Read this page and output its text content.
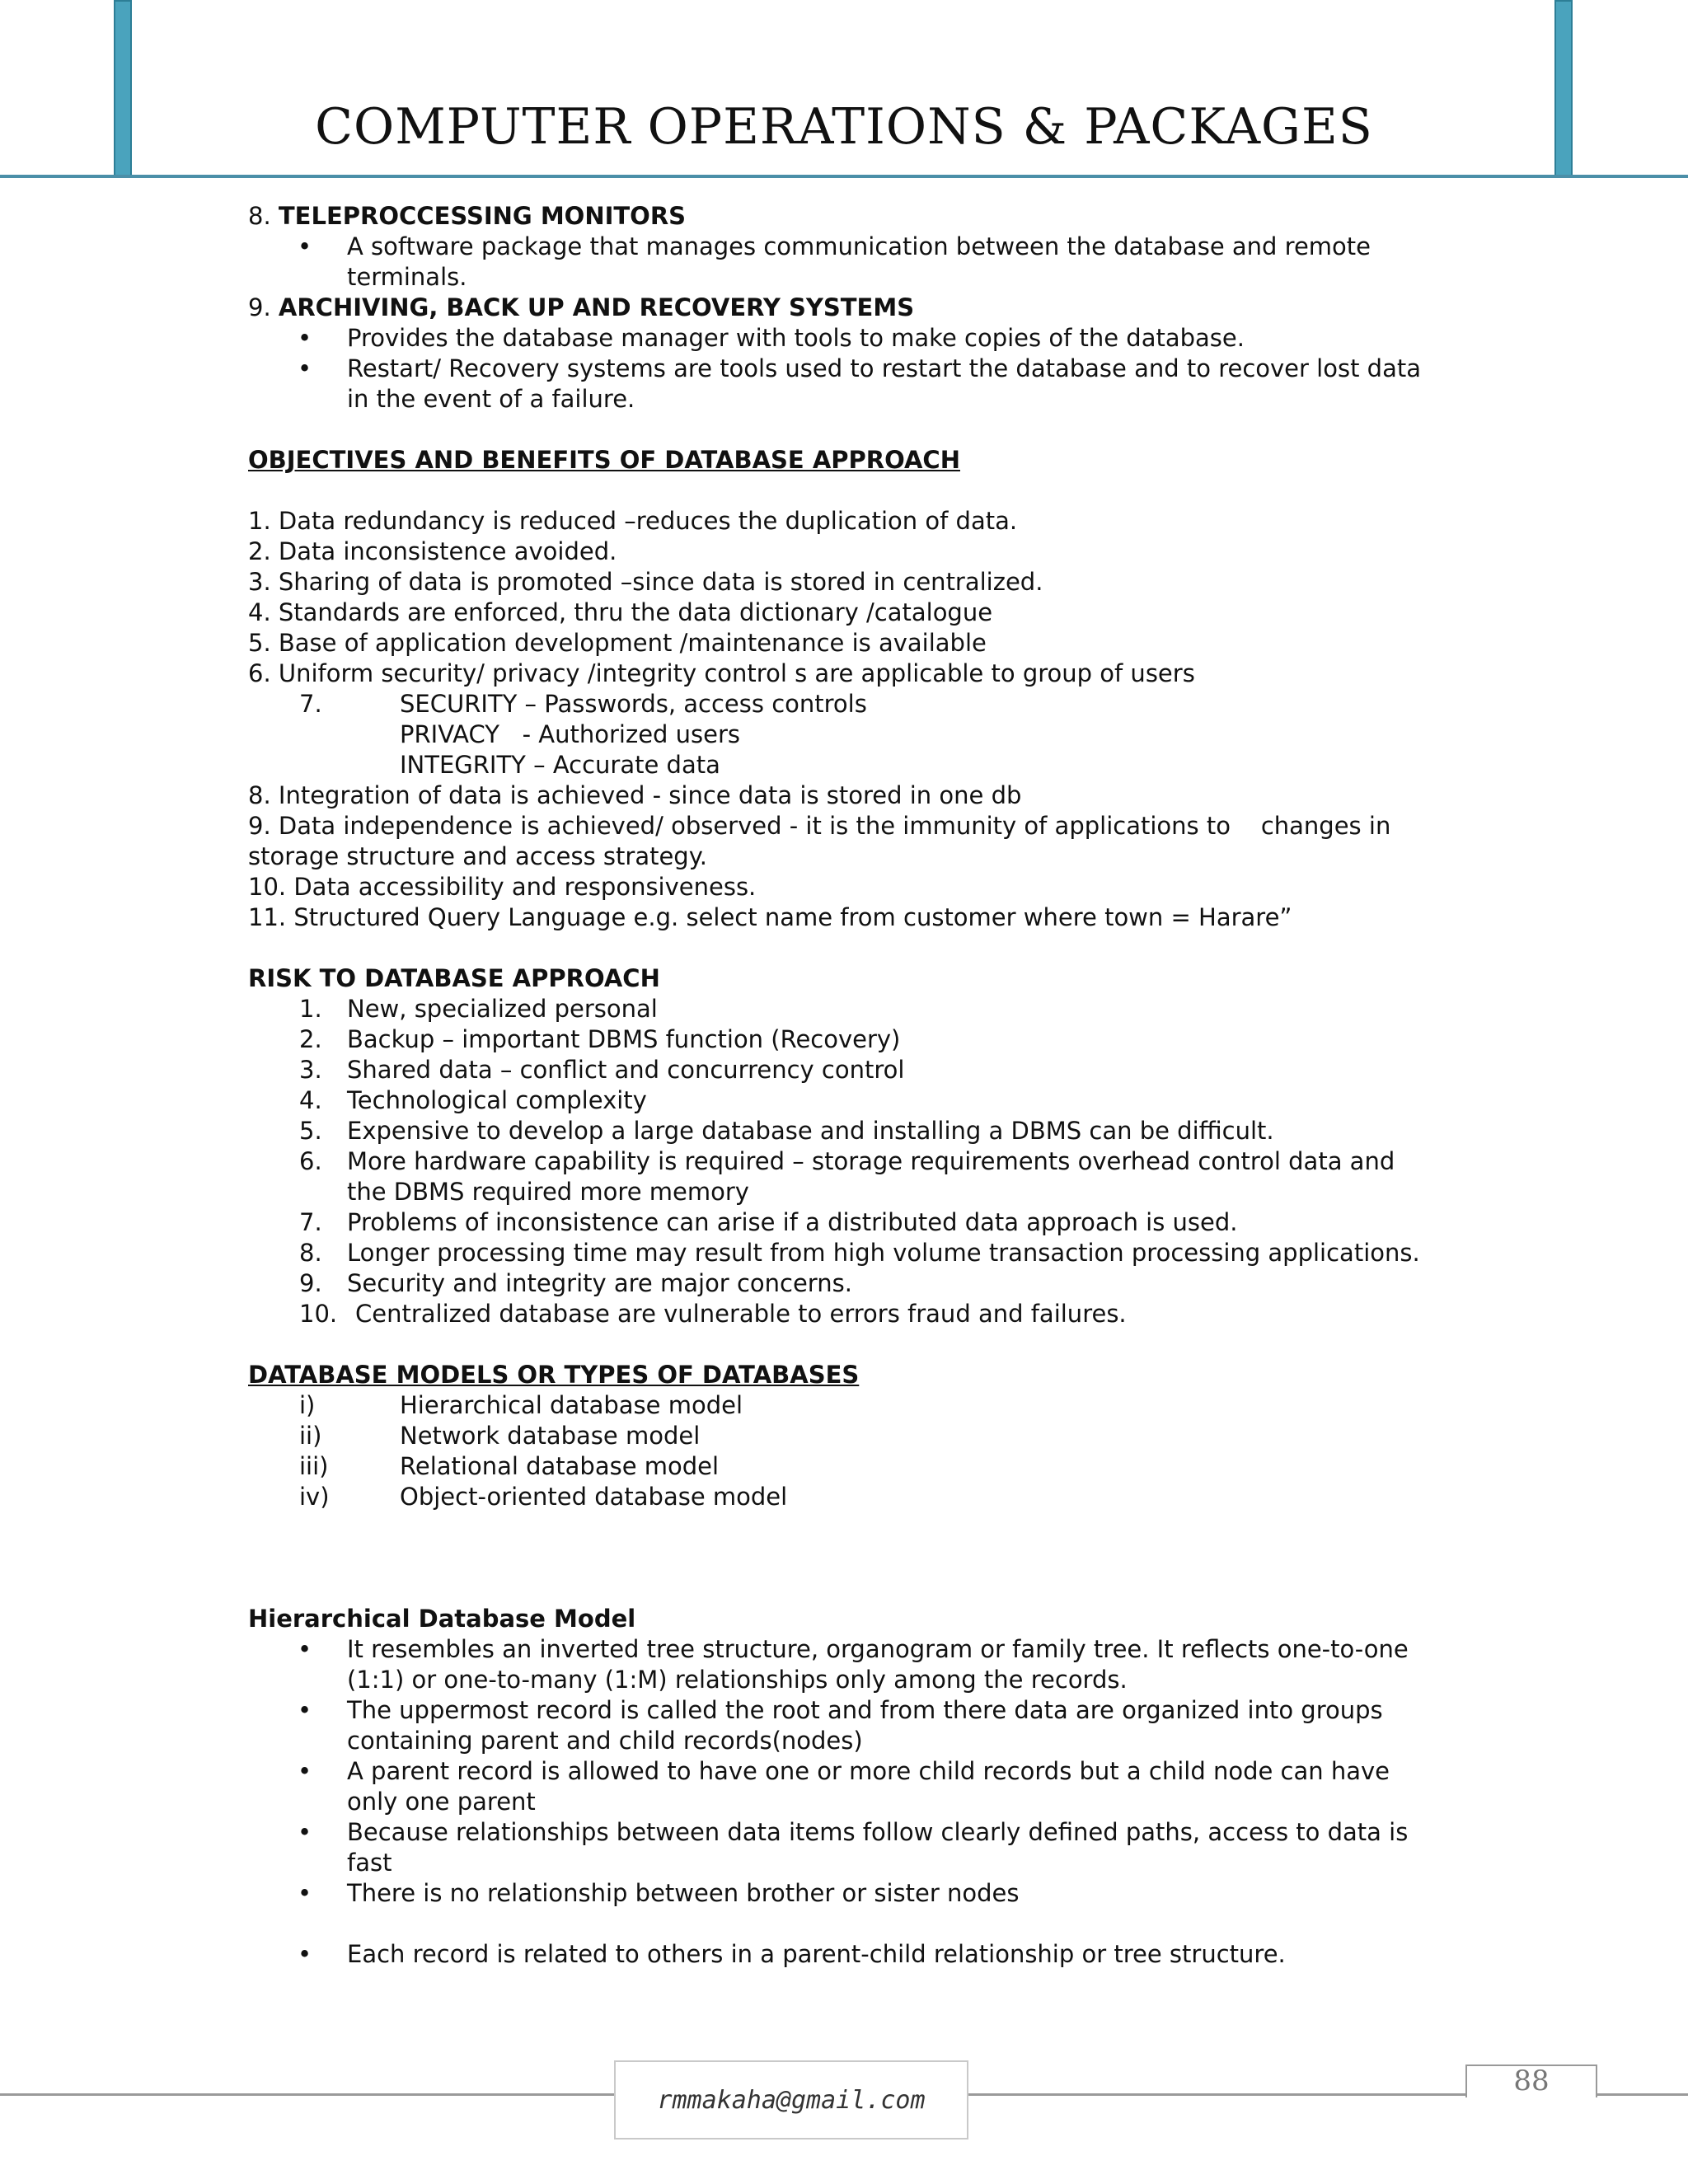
COMPUTER OPERATIONS & PACKAGES
8. TELEPROCCESSING MONITORS
•	A software package that manages communication between the database and remote terminals.
9. ARCHIVING, BACK UP AND RECOVERY SYSTEMS
•	Provides the database manager with tools to make copies of the database.
•	Restart/ Recovery systems are tools used to restart the database and to recover lost data in the event of a failure.
OBJECTIVES AND BENEFITS OF DATABASE APPROACH
1. Data redundancy is reduced –reduces the duplication of data.
2. Data inconsistence avoided.
3. Sharing of data is promoted –since data is stored in centralized.
4. Standards are enforced, thru the data dictionary /catalogue
5. Base of application development /maintenance is available
6. Uniform security/ privacy /integrity control s are applicable to group of users
7.	SECURITY – Passwords, access controls
PRIVACY   - Authorized users
INTEGRITY – Accurate data
8. Integration of data is achieved - since data is stored in one db
9. Data independence is achieved/ observed - it is the immunity of applications to    changes in
storage structure and access strategy.
10. Data accessibility and responsiveness.
11. Structured Query Language e.g. select name from customer where town = Harare”
RISK TO DATABASE APPROACH
1.	New, specialized personal
2.	Backup – important DBMS function (Recovery)
3.	Shared data – conflict and concurrency control
4.	Technological complexity
5.	Expensive to develop a large database and installing a DBMS can be difficult.
6.	More hardware capability is required – storage requirements overhead control data and the DBMS required more memory
7.	Problems of inconsistence can arise if a distributed data approach is used.
8.	Longer processing time may result from high volume transaction processing applications.
9.	Security and integrity are major concerns.
10. Centralized database are vulnerable to errors fraud and failures.
DATABASE MODELS OR TYPES OF DATABASES
i)	Hierarchical database model
ii)	Network database model
iii)	Relational database model
iv)	Object-oriented database model
Hierarchical Database Model
•	It resembles an inverted tree structure, organogram or family tree. It reflects one-to-one (1:1) or one-to-many (1:M) relationships only among the records.
•	The uppermost record is called the root and from there data are organized into groups containing parent and child records(nodes)
•	A parent record is allowed to have one or more child records but a child node can have only one parent
•	Because relationships between data items follow clearly defined paths, access to data is fast
•	There is no relationship between brother or sister nodes
•	Each record is related to others in a parent-child relationship or tree structure.
rmmakaha@gmail.com
88
